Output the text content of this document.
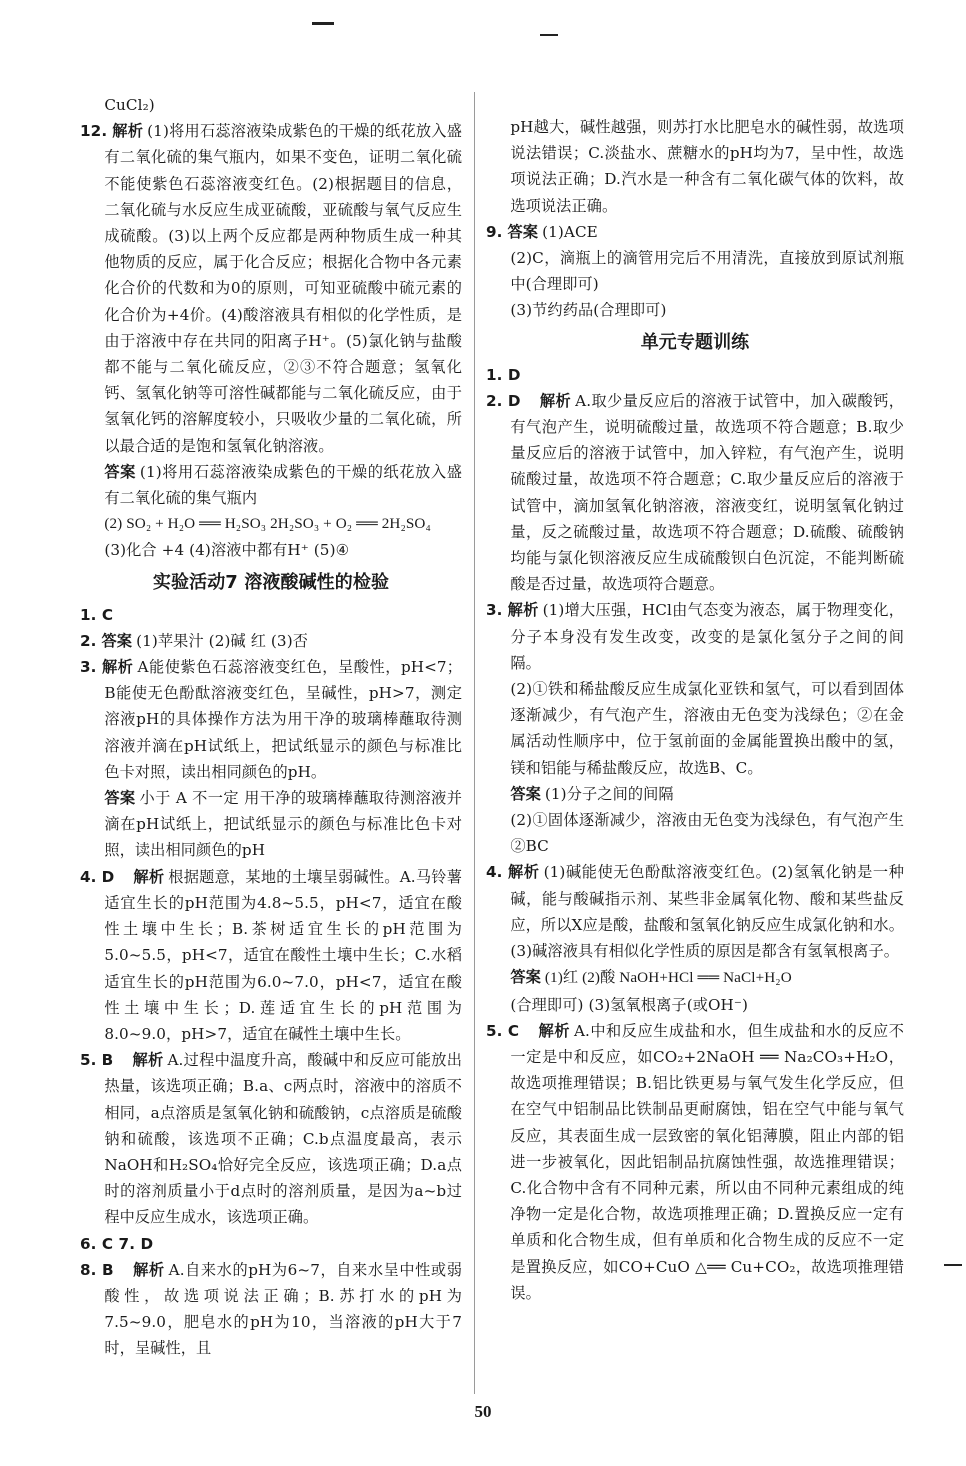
CuCl₂)

12. 解析 (1)将用石蕊溶液染成紫色的干燥的纸花放入盛有二氧化硫的集气瓶内，如果不变色，证明二氧化硫不能使紫色石蕊溶液变红色。(2)根据题目的信息，二氧化硫与水反应生成亚硫酸，亚硫酸与氧气反应生成硫酸。(3)以上两个反应都是两种物质生成一种其他物质的反应，属于化合反应；根据化合物中各元素化合价的代数和为0的原则，可知亚硫酸中硫元素的化合价为+4价。(4)酸溶液具有相似的化学性质，是由于溶液中存在共同的阳离子H⁺。(5)氯化钠与盐酸都不能与二氧化硫反应，②③不符合题意；氢氧化钙、氢氧化钠等可溶性碱都能与二氧化硫反应，由于氢氧化钙的溶解度较小，只吸收少量的二氧化硫，所以最合适的是饱和氢氧化钠溶液。

答案 (1)将用石蕊溶液染成紫色的干燥的纸花放入盛有二氧化硫的集气瓶内

(2) SO₂ + H₂O ══ H₂SO₃ 2H₂SO₃ + O₂ ══ 2H₂SO₄

(3)化合 +4 (4)溶液中都有H⁺ (5)④

实验活动7 溶液酸碱性的检验

1. C

2. 答案 (1)苹果汁 (2)碱 红 (3)否

3. 解析 A能使紫色石蕊溶液变红色，呈酸性，pH<7；B能使无色酚酞溶液变红色，呈碱性，pH>7，测定溶液pH的具体操作方法为用干净的玻璃棒蘸取待测溶液并滴在pH试纸上，把试纸显示的颜色与标准比色卡对照，读出相同颜色的pH。

答案 小于 A 不一定 用干净的玻璃棒蘸取待测溶液并滴在pH试纸上，把试纸显示的颜色与标准比色卡对照，读出相同颜色的pH

4. D 解析 根据题意，某地的土壤呈弱碱性。A.马铃薯适宜生长的pH范围为4.8~5.5，pH<7，适宜在酸性土壤中生长；B.茶树适宜生长的pH范围为5.0~5.5，pH<7，适宜在酸性土壤中生长；C.水稻适宜生长的pH范围为6.0~7.0，pH<7，适宜在酸性土壤中生长；D.莲适宜生长的pH范围为8.0~9.0，pH>7，适宜在碱性土壤中生长。

5. B 解析 A.过程中温度升高，酸碱中和反应可能放出热量，该选项正确；B.a、c两点时，溶液中的溶质不相同，a点溶质是氢氧化钠和硫酸钠，c点溶质是硫酸钠和硫酸，该选项不正确；C.b点温度最高，表示NaOH和H₂SO₄恰好完全反应，该选项正确；D.a点时的溶剂质量小于d点时的溶剂质量，是因为a~b过程中反应生成水，该选项正确。

6. C 7. D

8. B 解析 A.自来水的pH为6~7，自来水呈中性或弱酸性，故选项说法正确；B.苏打水的pH为7.5~9.0，肥皂水的pH为10，当溶液的pH大于7时，呈碱性，且

pH越大，碱性越强，则苏打水比肥皂水的碱性弱，故选项说法错误；C.淡盐水、蔗糖水的pH均为7，呈中性，故选项说法正确；D.汽水是一种含有二氧化碳气体的饮料，故选项说法正确。

9. 答案 (1)ACE

(2)C，滴瓶上的滴管用完后不用清洗，直接放到原试剂瓶中(合理即可)

(3)节约药品(合理即可)

单元专题训练

1. D

2. D 解析 A.取少量反应后的溶液于试管中，加入碳酸钙，有气泡产生，说明硫酸过量，故选项不符合题意；B.取少量反应后的溶液于试管中，加入锌粒，有气泡产生，说明硫酸过量，故选项不符合题意；C.取少量反应后的溶液于试管中，滴加氢氧化钠溶液，溶液变红，说明氢氧化钠过量，反之硫酸过量，故选项不符合题意；D.硫酸、硫酸钠均能与氯化钡溶液反应生成硫酸钡白色沉淀，不能判断硫酸是否过量，故选项符合题意。

3. 解析 (1)增大压强，HCl由气态变为液态，属于物理变化，分子本身没有发生改变，改变的是氯化氢分子之间的间隔。

(2)①铁和稀盐酸反应生成氯化亚铁和氢气，可以看到固体逐渐减少，有气泡产生，溶液由无色变为浅绿色；②在金属活动性顺序中，位于氢前面的金属能置换出酸中的氢，镁和铝能与稀盐酸反应，故选B、C。

答案 (1)分子之间的间隔

(2)①固体逐渐减少，溶液由无色变为浅绿色，有气泡产生 ②BC

4. 解析 (1)碱能使无色酚酞溶液变红色。(2)氢氧化钠是一种碱，能与酸碱指示剂、某些非金属氧化物、酸和某些盐反应，所以X应是酸，盐酸和氢氧化钠反应生成氯化钠和水。(3)碱溶液具有相似化学性质的原因是都含有氢氧根离子。

答案 (1)红 (2)酸 NaOH+HCl ══ NaCl+H₂O

(合理即可) (3)氢氧根离子(或OH⁻)

5. C 解析 A.中和反应生成盐和水，但生成盐和水的反应不一定是中和反应，如CO₂+2NaOH ══ Na₂CO₃+H₂O，故选项推理错误；B.铝比铁更易与氧气发生化学反应，但在空气中铝制品比铁制品更耐腐蚀，铝在空气中能与氧气反应，其表面生成一层致密的氧化铝薄膜，阻止内部的铝进一步被氧化，因此铝制品抗腐蚀性强，故选推理错误；C.化合物中含有不同种元素，所以由不同种元素组成的纯净物一定是化合物，故选项推理正确；D.置换反应一定有单质和化合物生成，但有单质和化合物生成的反应不一定是置换反应，如CO+CuO △══ Cu+CO₂，故选项推理错误。

50
